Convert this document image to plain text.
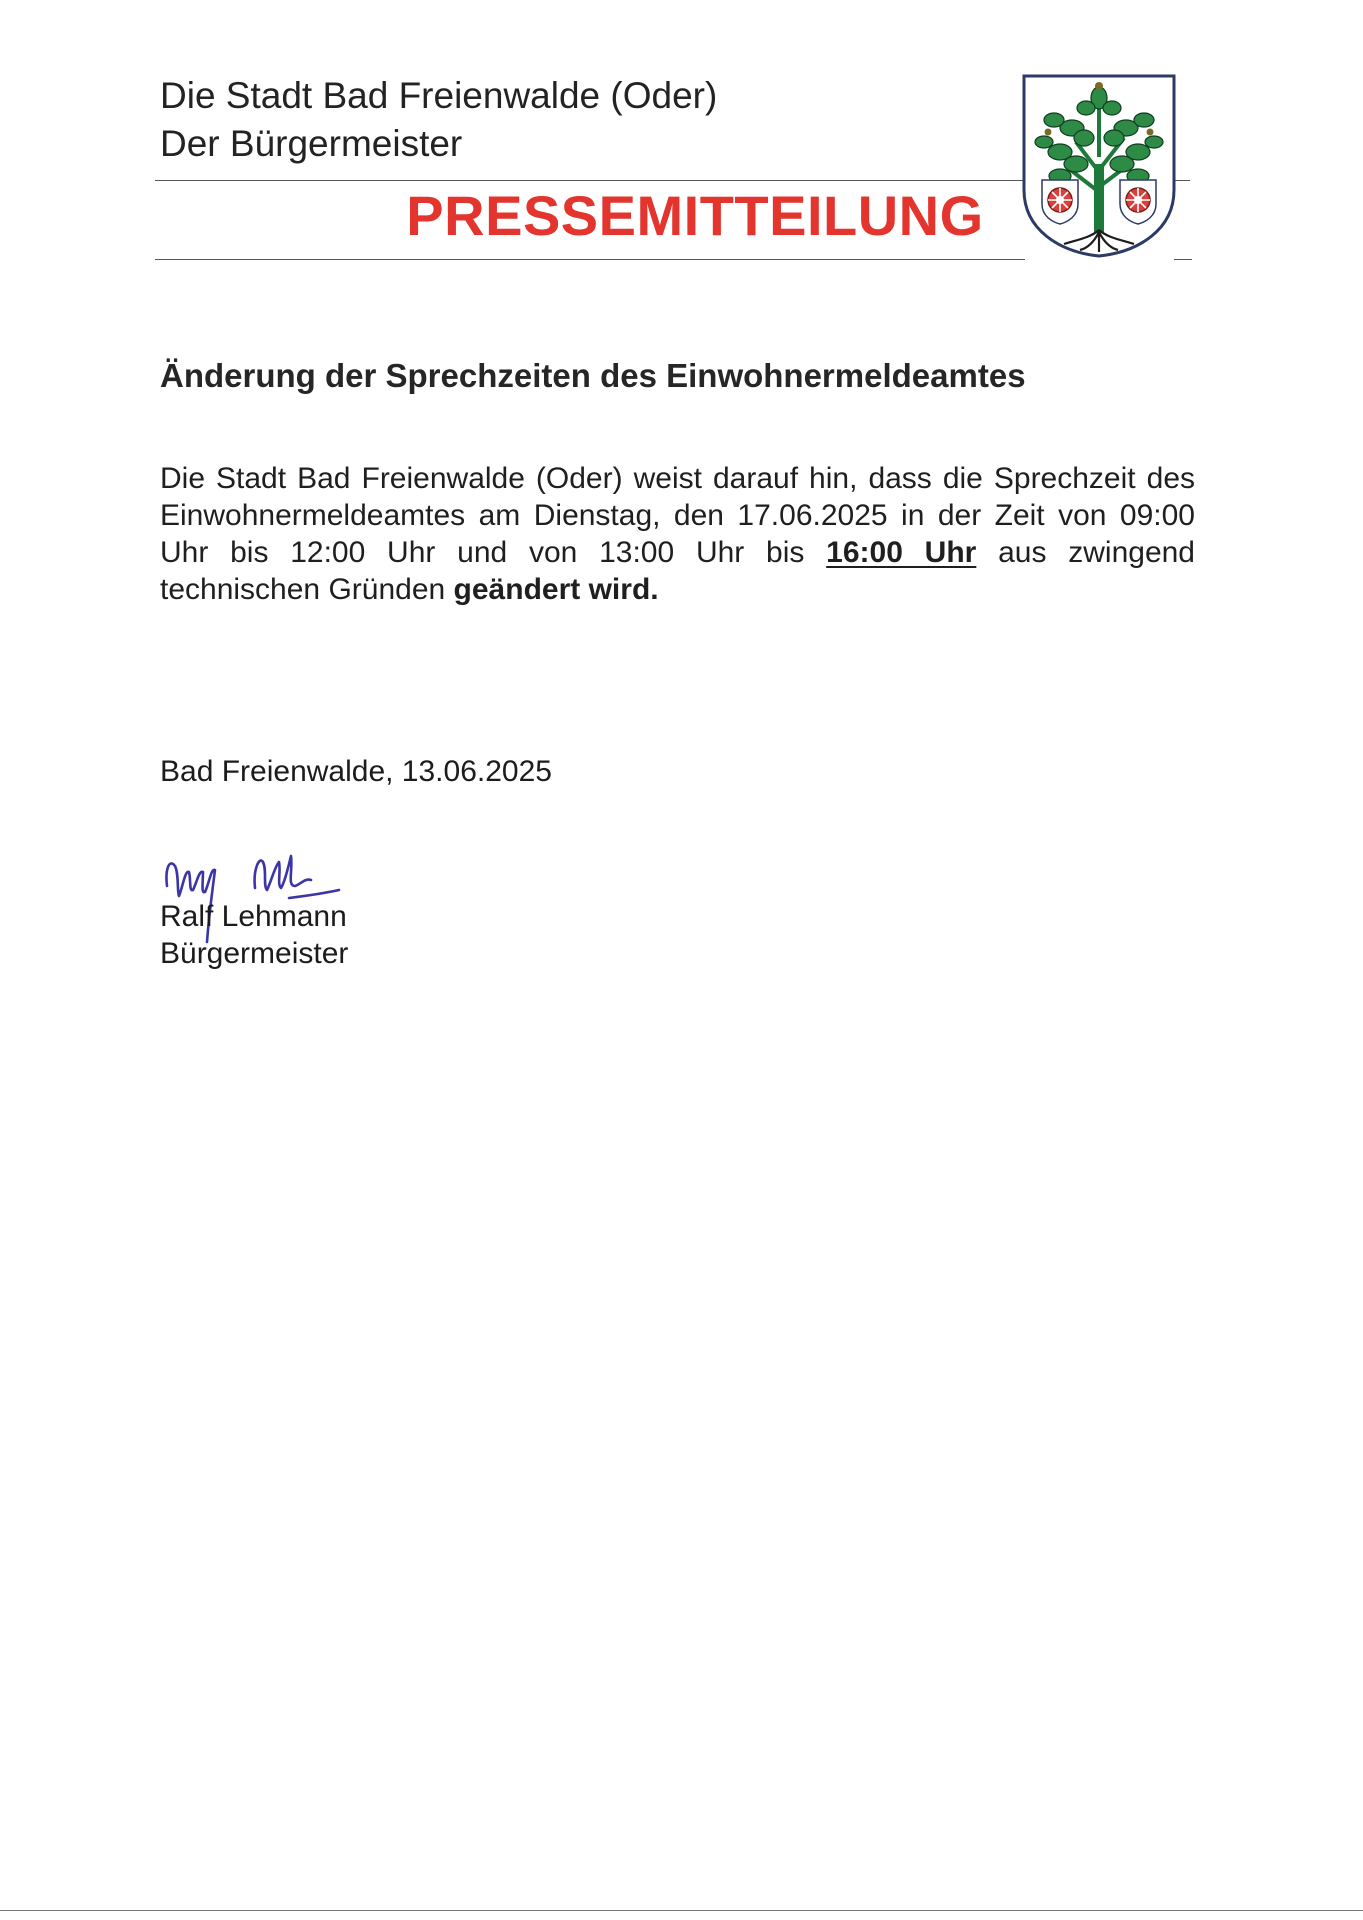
Die Stadt Bad Freienwalde (Oder)
Der Bürgermeister
PRESSEMITTEILUNG
Änderung der Sprechzeiten des Einwohnermeldeamtes
Die Stadt Bad Freienwalde (Oder) weist darauf hin, dass die Sprechzeit des Einwohnermeldeamtes am Dienstag, den 17.06.2025 in der Zeit von 09:00 Uhr bis 12:00 Uhr und von 13:00 Uhr bis 16:00 Uhr aus zwingend technischen Gründen geändert wird.
Bad Freienwalde, 13.06.2025
Ralf Lehmann
Bürgermeister
